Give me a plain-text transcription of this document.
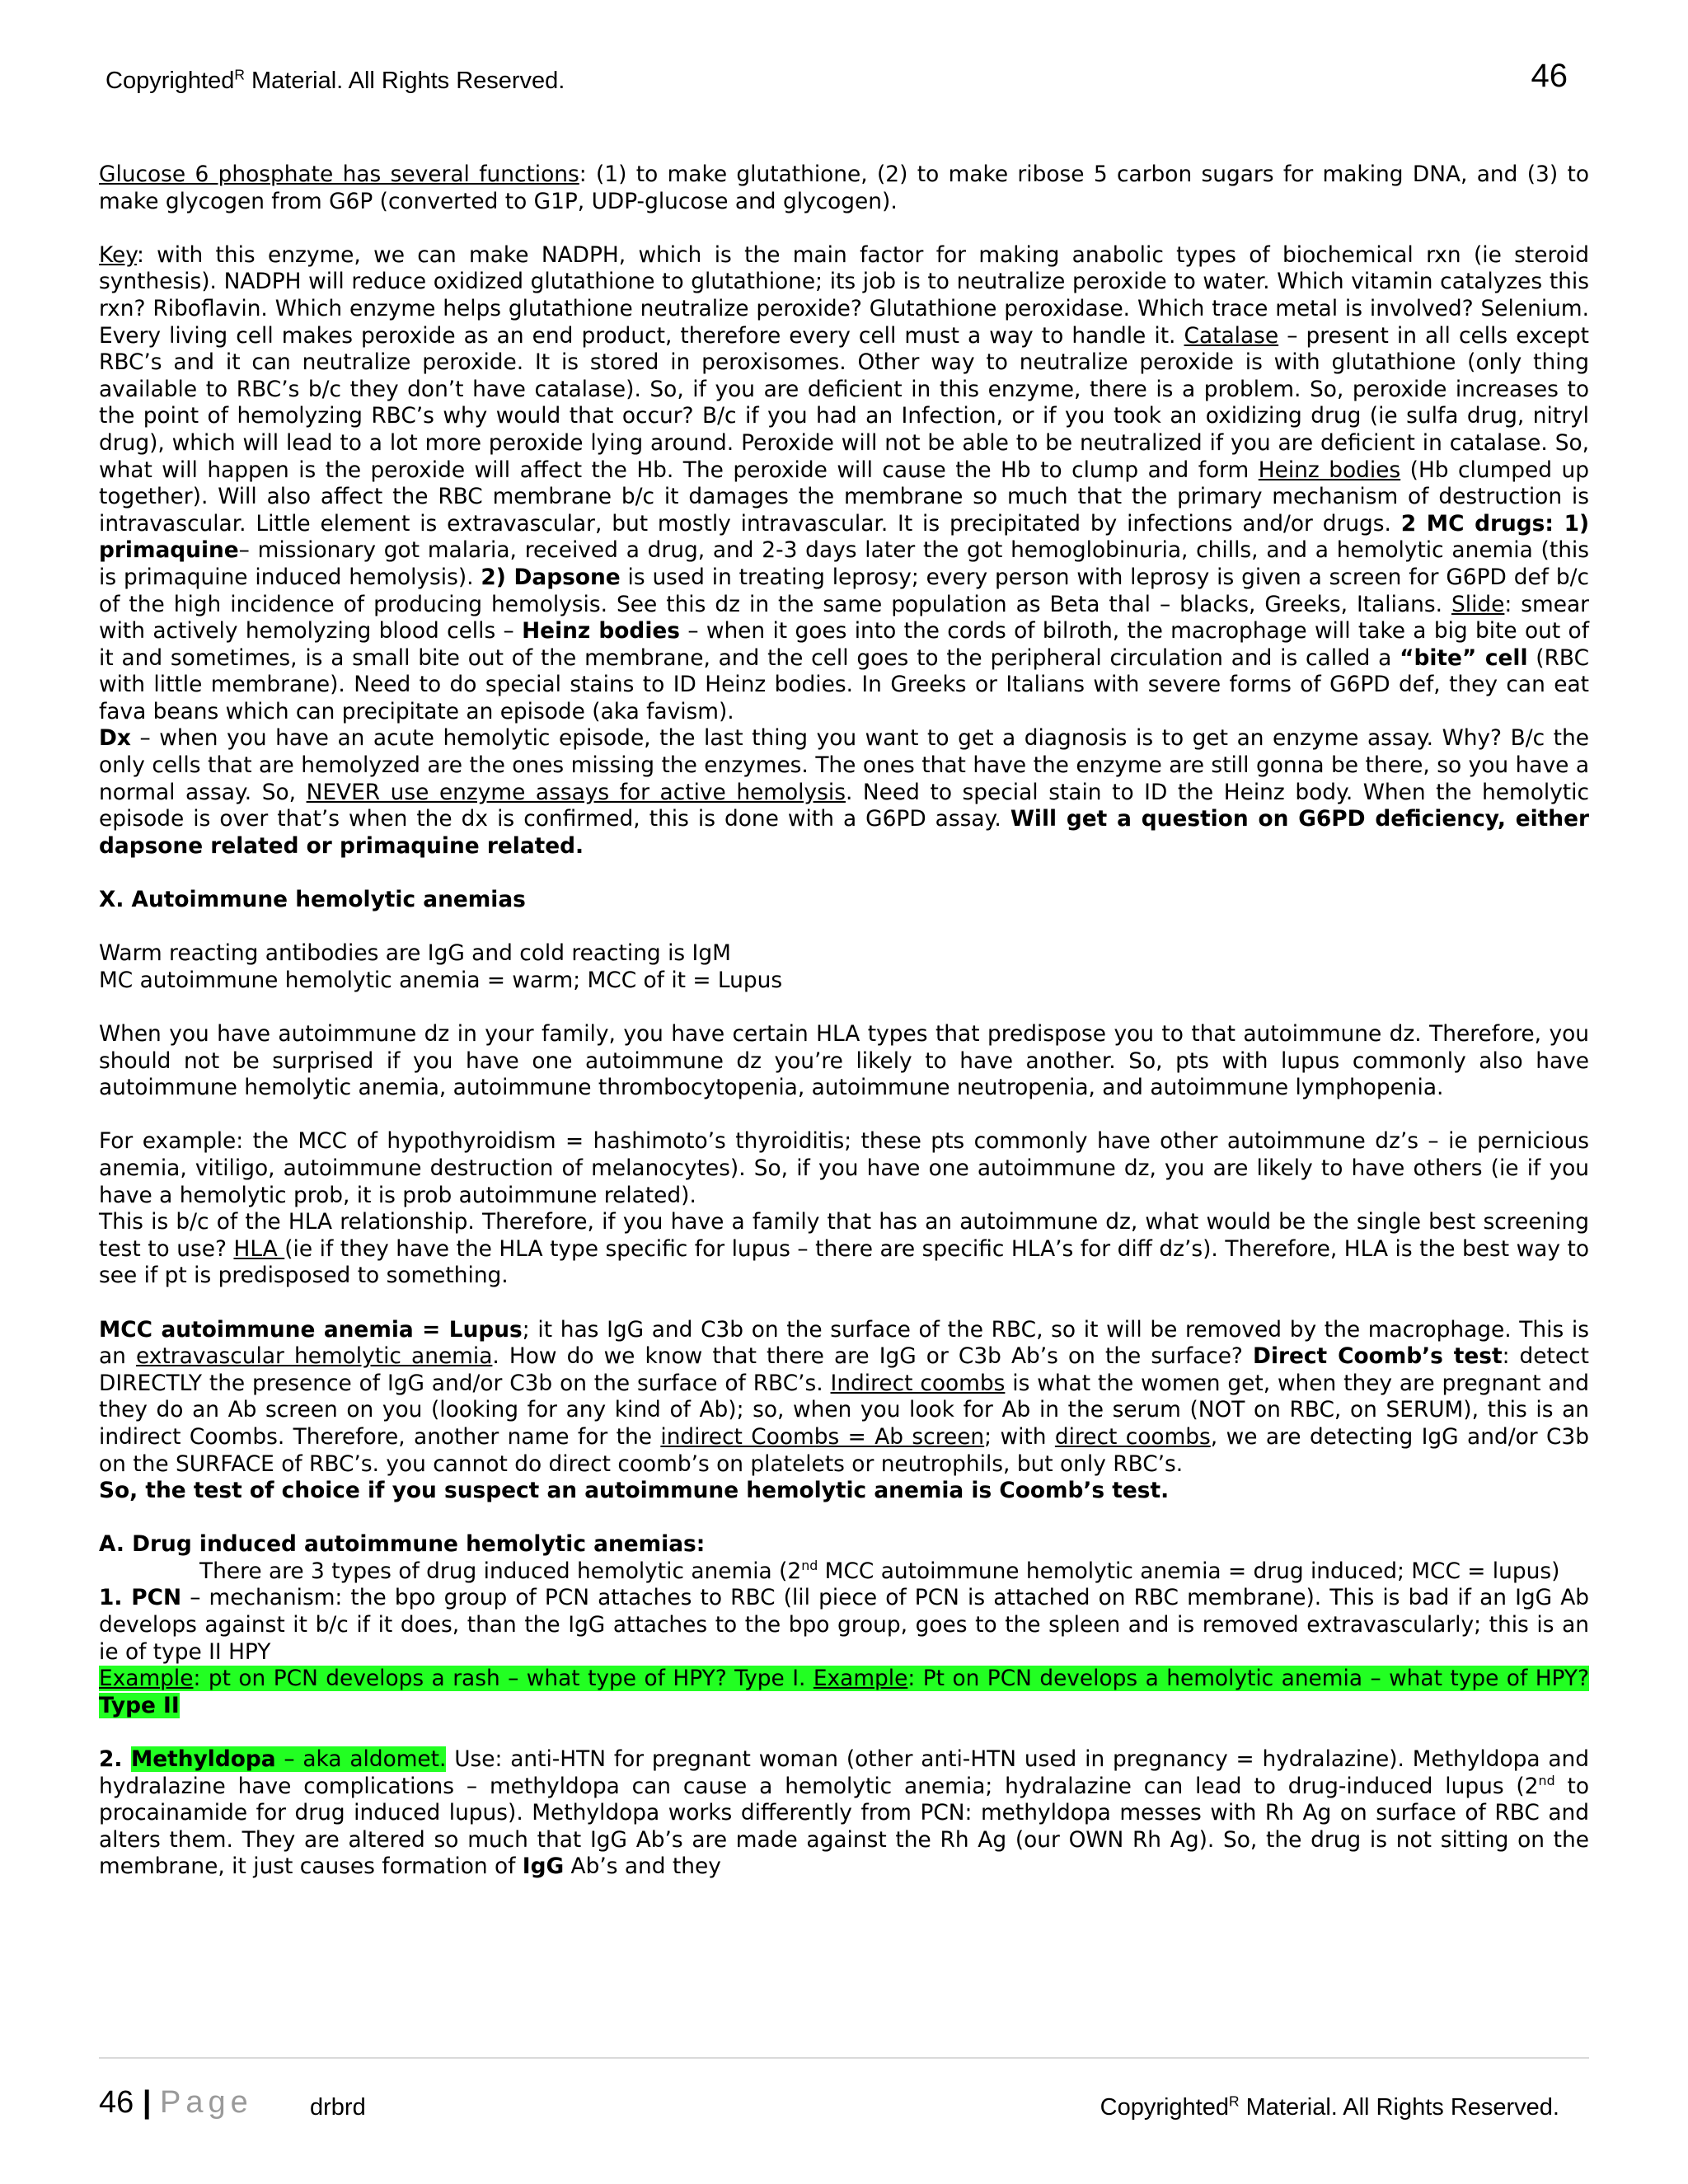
Copyrighted$^R$ Material. All Rights Reserved.	46

Glucose 6 phosphate has several functions: (1) to make glutathione, (2) to make ribose 5 carbon sugars for making DNA, and (3) to make glycogen from G6P (converted to G1P, UDP-glucose and glycogen).

Key: with this enzyme, we can make NADPH, which is the main factor for making anabolic types of biochemical rxn (ie steroid synthesis). NADPH will reduce oxidized glutathione to glutathione; its job is to neutralize peroxide to water. Which vitamin catalyzes this rxn? Riboflavin. Which enzyme helps glutathione neutralize peroxide? Glutathione peroxidase. Which trace metal is involved? Selenium. Every living cell makes peroxide as an end product, therefore every cell must a way to handle it. Catalase – present in all cells except RBC’s and it can neutralize peroxide. It is stored in peroxisomes. Other way to neutralize peroxide is with glutathione (only thing available to RBC’s b/c they don’t have catalase). So, if you are deficient in this enzyme, there is a problem. So, peroxide increases to the point of hemolyzing RBC’s why would that occur? B/c if you had an Infection, or if you took an oxidizing drug (ie sulfa drug, nitryl drug), which will lead to a lot more peroxide lying around. Peroxide will not be able to be neutralized if you are deficient in catalase. So, what will happen is the peroxide will affect the Hb. The peroxide will cause the Hb to clump and form Heinz bodies (Hb clumped up together). Will also affect the RBC membrane b/c it damages the membrane so much that the primary mechanism of destruction is intravascular. Little element is extravascular, but mostly intravascular. It is precipitated by infections and/or drugs. 2 MC drugs: 1) primaquine– missionary got malaria, received a drug, and 2-3 days later the got hemoglobinuria, chills, and a hemolytic anemia (this is primaquine induced hemolysis). 2) Dapsone is used in treating leprosy; every person with leprosy is given a screen for G6PD def b/c of the high incidence of producing hemolysis. See this dz in the same population as Beta thal – blacks, Greeks, Italians. Slide: smear with actively hemolyzing blood cells – Heinz bodies – when it goes into the cords of bilroth, the macrophage will take a big bite out of it and sometimes, is a small bite out of the membrane, and the cell goes to the peripheral circulation and is called a “bite” cell (RBC with little membrane). Need to do special stains to ID Heinz bodies. In Greeks or Italians with severe forms of G6PD def, they can eat fava beans which can precipitate an episode (aka favism).

Dx – when you have an acute hemolytic episode, the last thing you want to get a diagnosis is to get an enzyme assay. Why? B/c the only cells that are hemolyzed are the ones missing the enzymes. The ones that have the enzyme are still gonna be there, so you have a normal assay. So, NEVER use enzyme assays for active hemolysis. Need to special stain to ID the Heinz body. When the hemolytic episode is over that’s when the dx is confirmed, this is done with a G6PD assay. Will get a question on G6PD deficiency, either dapsone related or primaquine related.

X. Autoimmune hemolytic anemias

Warm reacting antibodies are IgG and cold reacting is IgM

MC autoimmune hemolytic anemia = warm; MCC of it = Lupus

When you have autoimmune dz in your family, you have certain HLA types that predispose you to that autoimmune dz. Therefore, you should not be surprised if you have one autoimmune dz you’re likely to have another. So, pts with lupus commonly also have autoimmune hemolytic anemia, autoimmune thrombocytopenia, autoimmune neutropenia, and autoimmune lymphopenia.

For example: the MCC of hypothyroidism = hashimoto’s thyroiditis; these pts commonly have other autoimmune dz’s – ie pernicious anemia, vitiligo, autoimmune destruction of melanocytes). So, if you have one autoimmune dz, you are likely to have others (ie if you have a hemolytic prob, it is prob autoimmune related).

This is b/c of the HLA relationship. Therefore, if you have a family that has an autoimmune dz, what would be the single best screening test to use? HLA (ie if they have the HLA type specific for lupus – there are specific HLA’s for diff dz’s). Therefore, HLA is the best way to see if pt is predisposed to something.

MCC autoimmune anemia = Lupus; it has IgG and C3b on the surface of the RBC, so it will be removed by the macrophage. This is an extravascular hemolytic anemia. How do we know that there are IgG or C3b Ab’s on the surface? Direct Coomb’s test: detect DIRECTLY the presence of IgG and/or C3b on the surface of RBC’s. Indirect coombs is what the women get, when they are pregnant and they do an Ab screen on you (looking for any kind of Ab); so, when you look for Ab in the serum (NOT on RBC, on SERUM), this is an indirect Coombs. Therefore, another name for the indirect Coombs = Ab screen; with direct coombs, we are detecting IgG and/or C3b on the SURFACE of RBC’s. you cannot do direct coomb’s on platelets or neutrophils, but only RBC’s.

So, the test of choice if you suspect an autoimmune hemolytic anemia is Coomb’s test.

A. Drug induced autoimmune hemolytic anemias:

There are 3 types of drug induced hemolytic anemia (2nd MCC autoimmune hemolytic anemia = drug induced; MCC = lupus)

1. PCN – mechanism: the bpo group of PCN attaches to RBC (lil piece of PCN is attached on RBC membrane). This is bad if an IgG Ab develops against it b/c if it does, than the IgG attaches to the bpo group, goes to the spleen and is removed extravascularly; this is an ie of type II HPY

Example: pt on PCN develops a rash – what type of HPY? Type I. Example: Pt on PCN develops a hemolytic anemia – what type of HPY? Type II

2. Methyldopa – aka aldomet. Use: anti-HTN for pregnant woman (other anti-HTN used in pregnancy = hydralazine). Methyldopa and hydralazine have complications – methyldopa can cause a hemolytic anemia; hydralazine can lead to drug-induced lupus (2nd to procainamide for drug induced lupus). Methyldopa works differently from PCN: methyldopa messes with Rh Ag on surface of RBC and alters them. They are altered so much that IgG Ab’s are made against the Rh Ag (our OWN Rh Ag). So, the drug is not sitting on the membrane, it just causes formation of IgG Ab’s and they

46 | Page drbrd	Copyrighted$^R$ Material. All Rights Reserved.
